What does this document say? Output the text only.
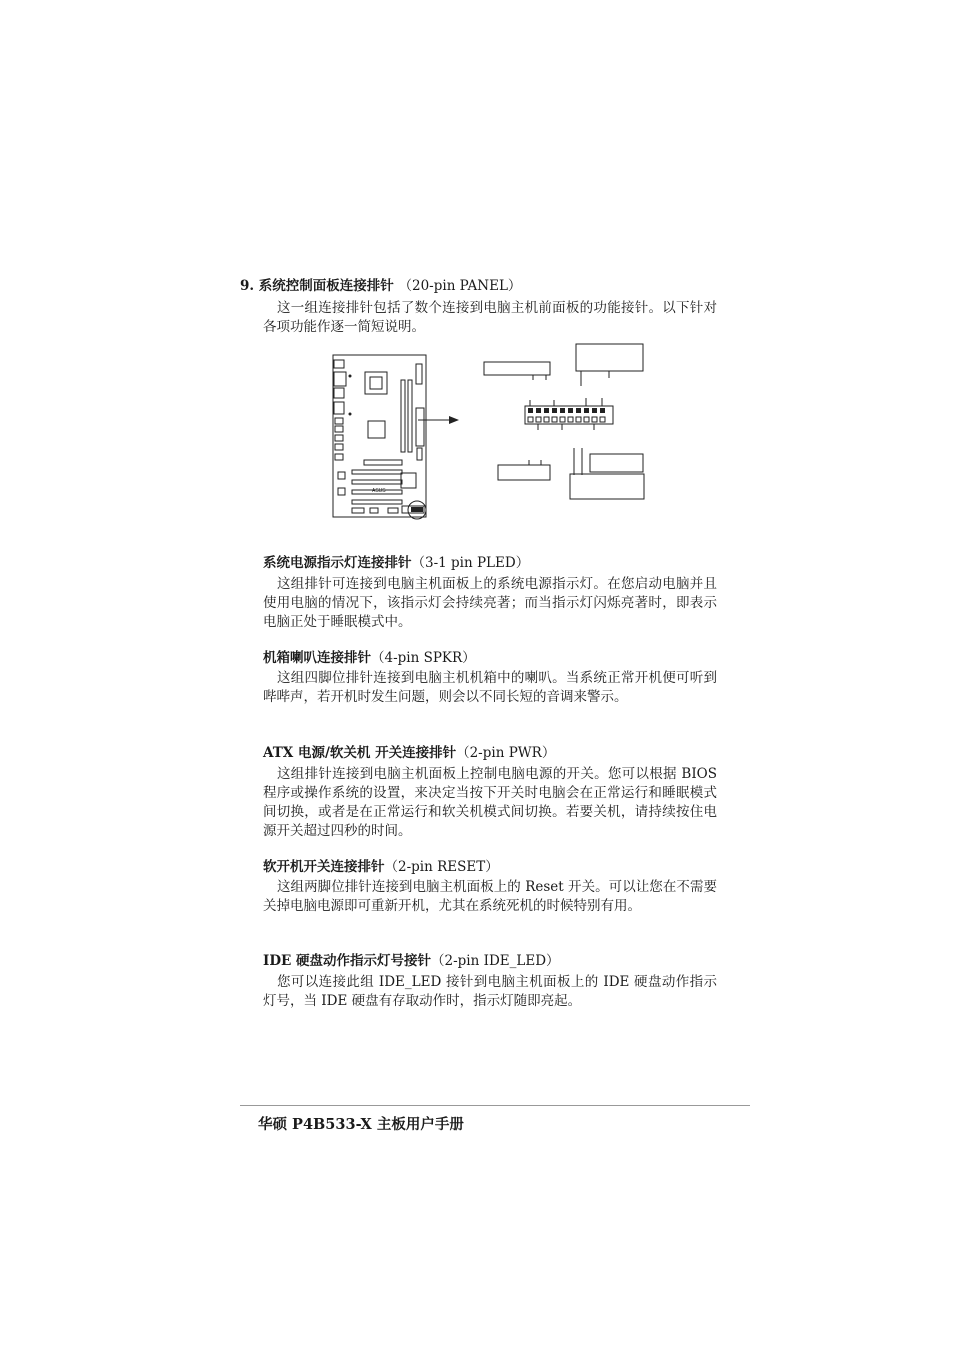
9. 系统控制面板连接排针 （20-pin PANEL）
这一组连接排针包括了数个连接到电脑主机前面板的功能接针。以下针对各项功能作逐一简短说明。
ASUS
系统电源指示灯连接排针（3-1 pin PLED）
这组排针可连接到电脑主机面板上的系统电源指示灯。在您启动电脑并且使用电脑的情况下，该指示灯会持续亮著；而当指示灯闪烁亮著时，即表示电脑正处于睡眠模式中。
机箱喇叭连接排针（4-pin SPKR）
这组四脚位排针连接到电脑主机机箱中的喇叭。当系统正常开机便可听到哔哔声，若开机时发生问题，则会以不同长短的音调来警示。
ATX 电源/软关机 开关连接排针（2-pin PWR）
这组排针连接到电脑主机面板上控制电脑电源的开关。您可以根据 BIOS 程序或操作系统的设置，来决定当按下开关时电脑会在正常运行和睡眠模式间切换，或者是在正常运行和软关机模式间切换。若要关机，请持续按住电源开关超过四秒的时间。
软开机开关连接排针（2-pin RESET）
这组两脚位排针连接到电脑主机面板上的 Reset 开关。可以让您在不需要关掉电脑电源即可重新开机，尤其在系统死机的时候特别有用。
IDE 硬盘动作指示灯号接针（2-pin IDE_LED）
您可以连接此组 IDE_LED 接针到电脑主机面板上的 IDE 硬盘动作指示灯号，当 IDE 硬盘有存取动作时，指示灯随即亮起。
华硕 P4B533-X 主板用户手册
